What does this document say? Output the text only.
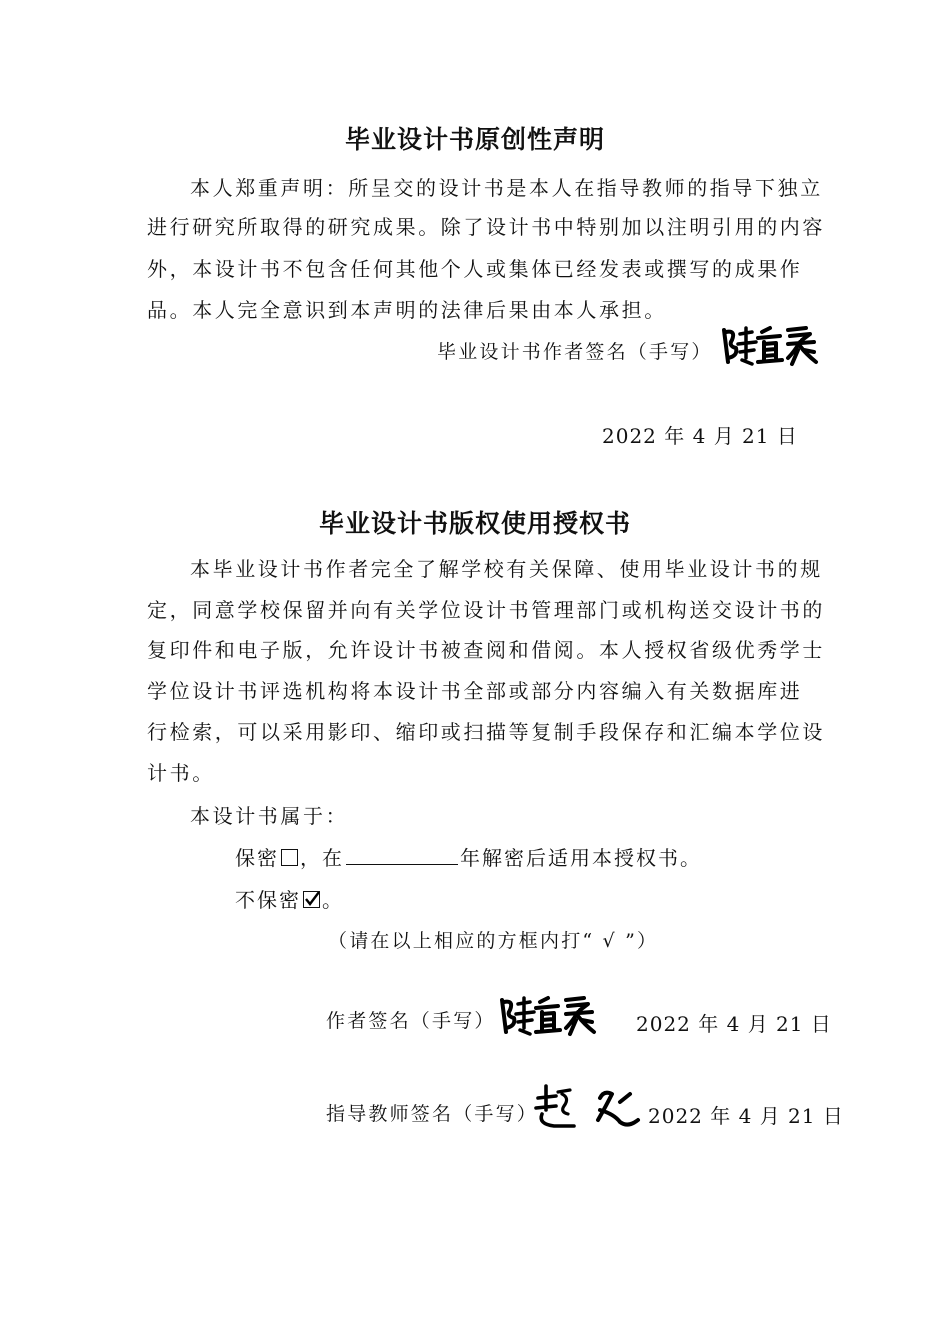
毕业设计书原创性声明
本人郑重声明：所呈交的设计书是本人在指导教师的指导下独立
进行研究所取得的研究成果。除了设计书中特别加以注明引用的内容
外，本设计书不包含任何其他个人或集体已经发表或撰写的成果作
品。本人完全意识到本声明的法律后果由本人承担。
毕业设计书作者签名（手写）
2022 年 4 月 21 日
毕业设计书版权使用授权书
本毕业设计书作者完全了解学校有关保障、使用毕业设计书的规
定，同意学校保留并向有关学位设计书管理部门或机构送交设计书的
复印件和电子版，允许设计书被查阅和借阅。本人授权省级优秀学士
学位设计书评选机构将本设计书全部或部分内容编入有关数据库进
行检索，可以采用影印、缩印或扫描等复制手段保存和汇编本学位设
计书。
本设计书属于：
保密 ，在	年解密后适用本授权书。
不保密 。
（请在以上相应的方框内打“ √ ”）
作者签名（手写）	2022 年 4 月 21 日
指导教师签名（手写）	2022 年 4 月 21 日
